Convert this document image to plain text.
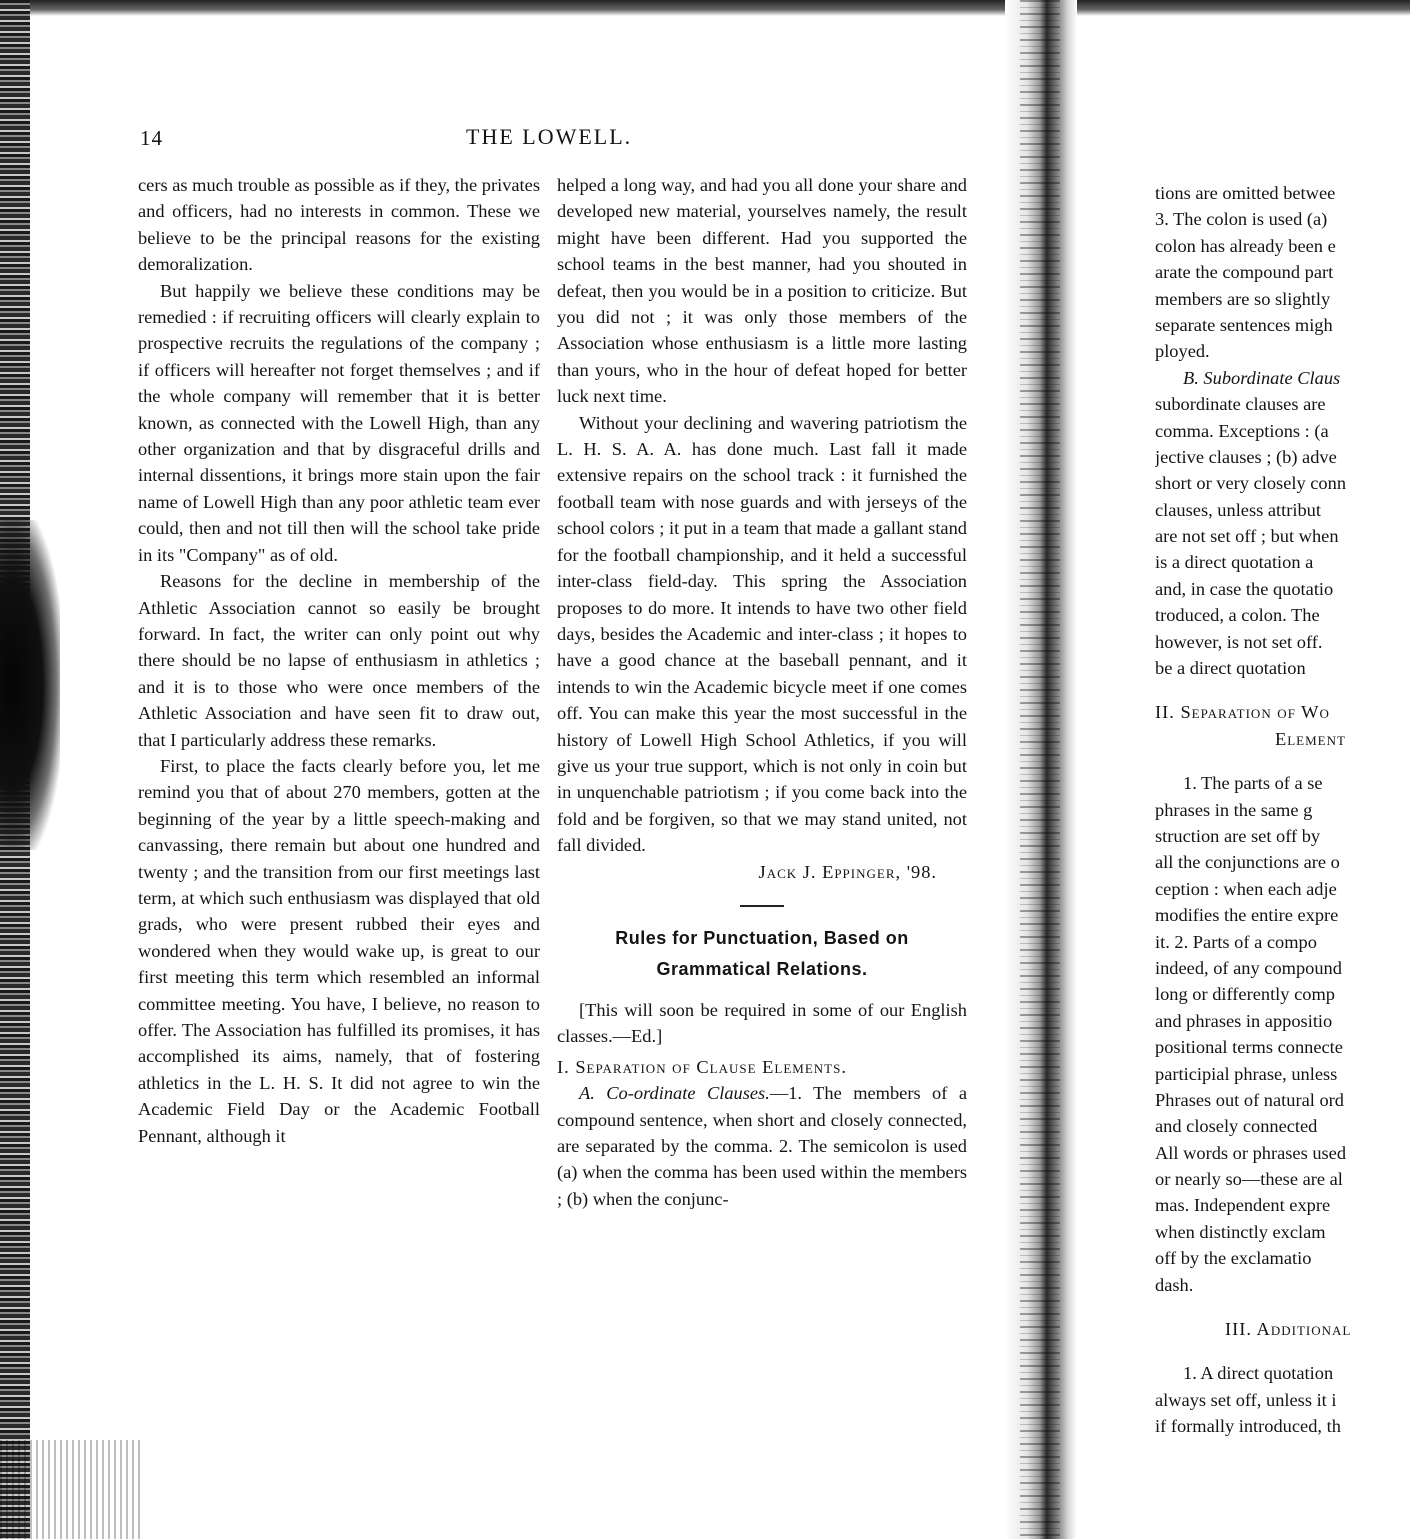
14	THE LOWELL.

cers as much trouble as possible as if they, the privates and officers, had no interests in common. These we believe to be the principal reasons for the existing demoralization.

But happily we believe these conditions may be remedied : if recruiting officers will clearly explain to prospective recruits the regulations of the company ; if officers will hereafter not forget themselves ; and if the whole company will remember that it is better known, as connected with the Lowell High, than any other organization and that by disgraceful drills and internal dissentions, it brings more stain upon the fair name of Lowell High than any poor athletic team ever could, then and not till then will the school take pride in its "Company" as of old.

Reasons for the decline in membership of the Athletic Association cannot so easily be brought forward. In fact, the writer can only point out why there should be no lapse of enthusiasm in athletics ; and it is to those who were once members of the Athletic Association and have seen fit to draw out, that I particularly address these remarks.

First, to place the facts clearly before you, let me remind you that of about 270 members, gotten at the beginning of the year by a little speech-making and canvassing, there remain but about one hundred and twenty ; and the transition from our first meetings last term, at which such enthusiasm was displayed that old grads, who were present rubbed their eyes and wondered when they would wake up, is great to our first meeting this term which resembled an informal committee meeting. You have, I believe, no reason to offer. The Association has fulfilled its promises, it has accomplished its aims, namely, that of fostering athletics in the L. H. S. It did not agree to win the Academic Field Day or the Academic Football Pennant, although it

helped a long way, and had you all done your share and developed new material, yourselves namely, the result might have been different. Had you supported the school teams in the best manner, had you shouted in defeat, then you would be in a position to criticize. But you did not ; it was only those members of the Association whose enthusiasm is a little more lasting than yours, who in the hour of defeat hoped for better luck next time.

Without your declining and wavering patriotism the L. H. S. A. A. has done much. Last fall it made extensive repairs on the school track : it furnished the football team with nose guards and with jerseys of the school colors ; it put in a team that made a gallant stand for the football championship, and it held a successful inter-class field-day. This spring the Association proposes to do more. It intends to have two other field days, besides the Academic and inter-class ; it hopes to have a good chance at the baseball pennant, and it intends to win the Academic bicycle meet if one comes off. You can make this year the most successful in the history of Lowell High School Athletics, if you will give us your true support, which is not only in coin but in unquenchable patriotism ; if you come back into the fold and be forgiven, so that we may stand united, not fall divided.

Jack J. Eppinger, '98.

Rules for Punctuation, Based on
Grammatical Relations.

[This will soon be required in some of our English classes.—Ed.]

I. Separation of Clause Elements.

A. Co-ordinate Clauses.—1. The members of a compound sentence, when short and closely connected, are separated by the comma. 2. The semicolon is used (a) when the comma has been used within the members ; (b) when the conjunc-

tions are omitted betwee
3. The colon is used (a)
colon has already been e
arate the compound part
members are so slightly
separate sentences migh
ployed.
B. Subordinate Claus
subordinate clauses are
comma. Exceptions : (a
jective clauses ; (b) adve
short or very closely conn
clauses, unless attribut
are not set off ; but when
is a direct quotation a
and, in case the quotatio
troduced, a colon. The
however, is not set off.
be a direct quotation
II. Separation of Wo
Element
1. The parts of a se
phrases in the same g
struction are set off by
all the conjunctions are o
ception : when each adje
modifies the entire expre
it. 2. Parts of a compo
indeed, of any compound
long or differently comp
and phrases in appositio
positional terms connecte
participial phrase, unless
Phrases out of natural ord
and closely connected
All words or phrases used
or nearly so—these are al
mas. Independent expre
when distinctly exclam
off by the exclamatio
dash.
III. Additional
1. A direct quotation
always set off, unless it i
if formally introduced, th
